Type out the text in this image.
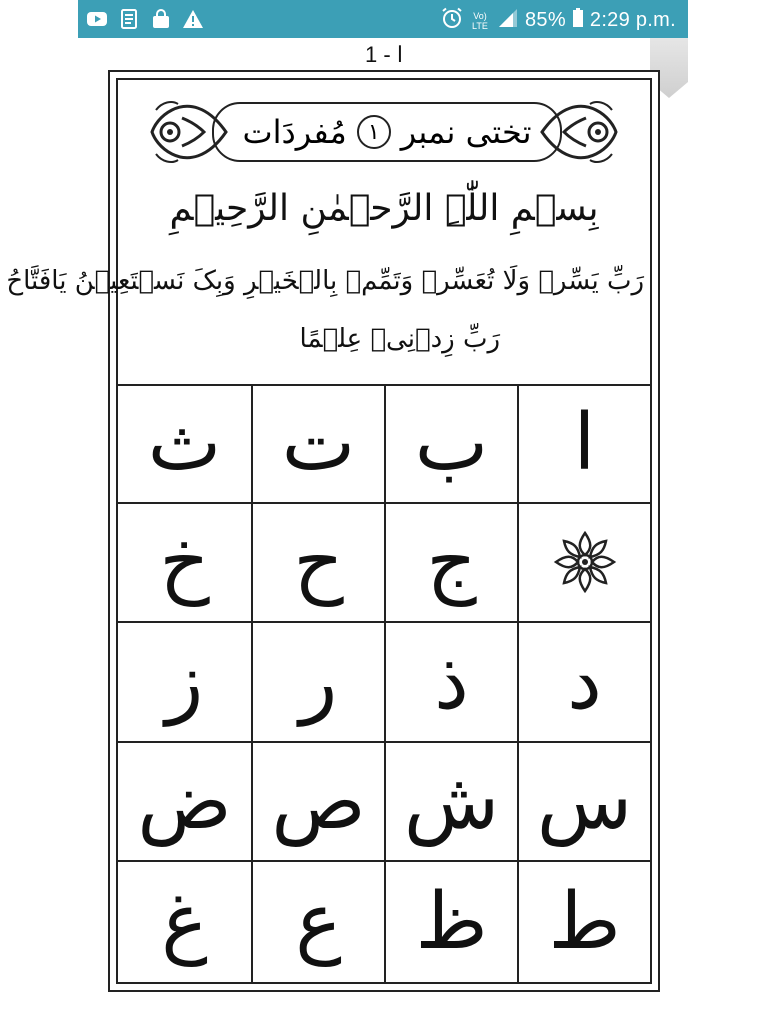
Vo)
LTE 85% 2:29 p.m.
1 - ا
تختی نمبر
١
مُفردَات
بِسۡمِ اللّٰہِ الرَّحۡمٰنِ الرَّحِیۡمِ
رَبِّ یَسِّرۡ وَلَا تُعَسِّرۡ وَتَمِّمۡ بِالۡخَیۡرِ وَبِکَ نَسۡتَعِیۡنُ یَافَتَّاحُ
رَبِّ زِدۡنِیۡ عِلۡمًا
ا
ب
ت
ث
ج
ح
خ
د
ذ
ر
ز
س
ش
ص
ض
ط
ظ
ع
غ
